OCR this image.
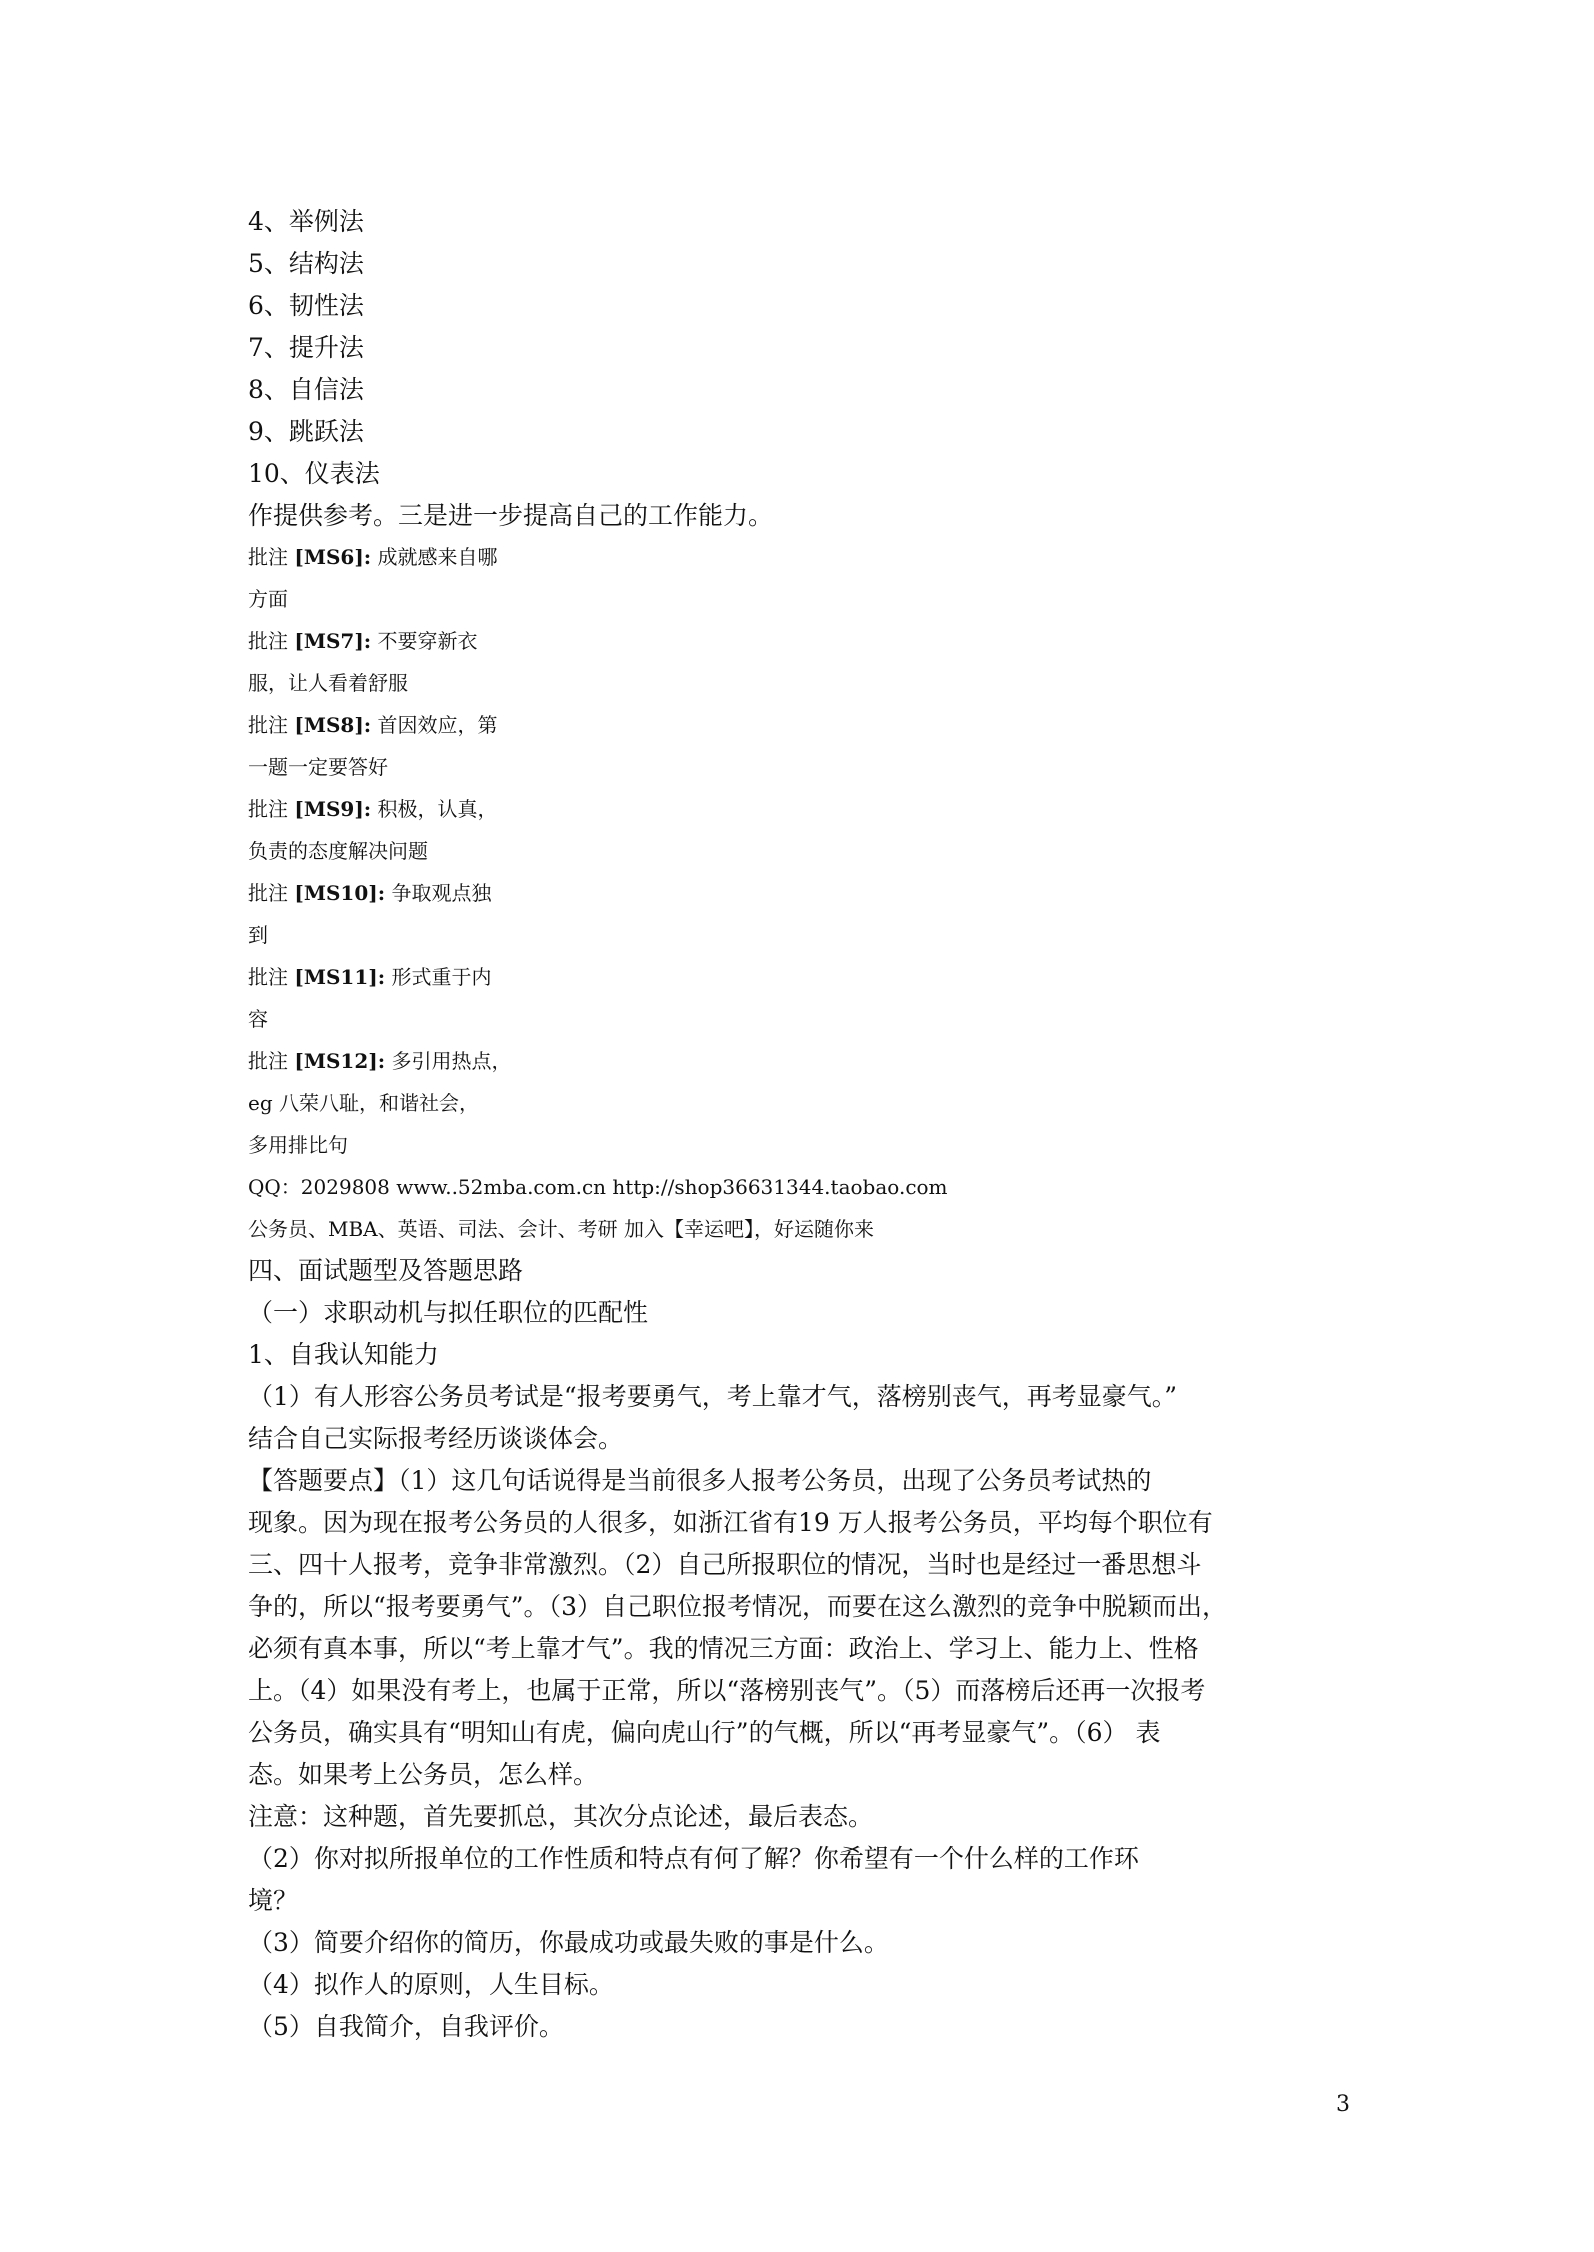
4、举例法
5、结构法
6、韧性法
7、提升法
8、自信法
9、跳跃法
10、仪表法
作提供参考。三是进一步提高自己的工作能力。
批注 [MS6]: 成就感来自哪
方面
批注 [MS7]: 不要穿新衣
服，让人看着舒服
批注 [MS8]: 首因效应，第
一题一定要答好
批注 [MS9]: 积极，认真，
负责的态度解决问题
批注 [MS10]: 争取观点独
到
批注 [MS11]: 形式重于内
容
批注 [MS12]: 多引用热点，
eg 八荣八耻，和谐社会，
多用排比句
QQ：2029808 www..52mba.com.cn http://shop36631344.taobao.com
公务员、MBA、英语、司法、会计、考研 加入【幸运吧】，好运随你来
四、面试题型及答题思路
（一）求职动机与拟任职位的匹配性
1、自我认知能力
（1）有人形容公务员考试是“报考要勇气，考上靠才气，落榜别丧气，再考显豪气。”
结合自己实际报考经历谈谈体会。
【答题要点】（1）这几句话说得是当前很多人报考公务员，出现了公务员考试热的
现象。因为现在报考公务员的人很多，如浙江省有19 万人报考公务员，平均每个职位有
三、四十人报考，竞争非常激烈。（2）自己所报职位的情况，当时也是经过一番思想斗
争的，所以“报考要勇气”。（3）自己职位报考情况，而要在这么激烈的竞争中脱颖而出，
必须有真本事，所以“考上靠才气”。我的情况三方面：政治上、学习上、能力上、性格
上。（4）如果没有考上，也属于正常，所以“落榜别丧气”。（5）而落榜后还再一次报考
公务员，确实具有“明知山有虎，偏向虎山行”的气概，所以“再考显豪气”。（6） 表
态。如果考上公务员，怎么样。
注意：这种题，首先要抓总，其次分点论述，最后表态。
（2）你对拟所报单位的工作性质和特点有何了解？你希望有一个什么样的工作环
境？
（3）简要介绍你的简历，你最成功或最失败的事是什么。
（4）拟作人的原则，人生目标。
（5）自我简介，自我评价。
3
